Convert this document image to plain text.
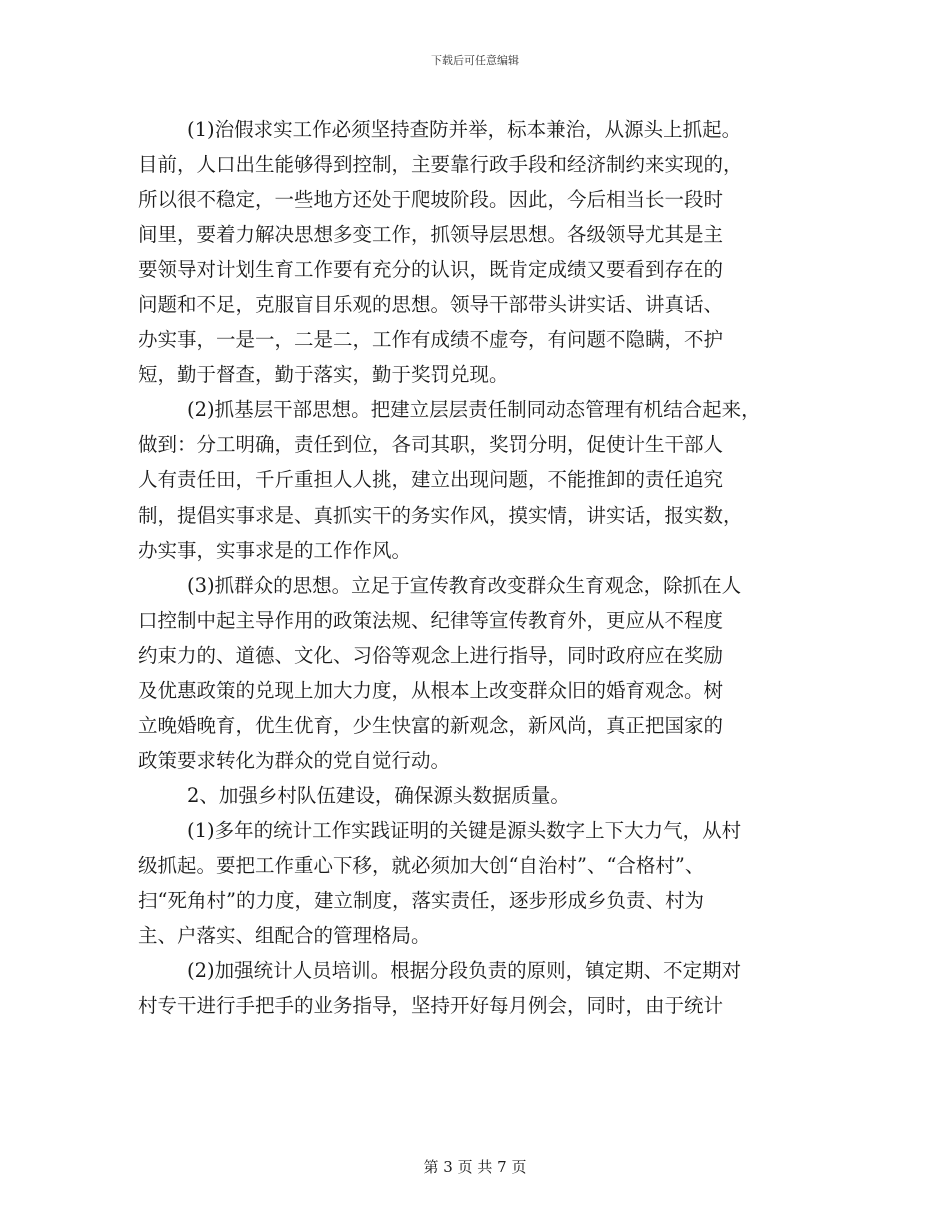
下载后可任意编辑
(1)治假求实工作必须坚持查防并举，标本兼治，从源头上抓起。
目前，人口出生能够得到控制，主要靠行政手段和经济制约来实现的，
所以很不稳定，一些地方还处于爬坡阶段。因此，今后相当长一段时
间里，要着力解决思想多变工作，抓领导层思想。各级领导尤其是主
要领导对计划生育工作要有充分的认识，既肯定成绩又要看到存在的
问题和不足，克服盲目乐观的思想。领导干部带头讲实话、讲真话、
办实事，一是一，二是二，工作有成绩不虚夸，有问题不隐瞒，不护
短，勤于督查，勤于落实，勤于奖罚兑现。
(2)抓基层干部思想。把建立层层责任制同动态管理有机结合起来，
做到：分工明确，责任到位，各司其职，奖罚分明，促使计生干部人
人有责任田，千斤重担人人挑，建立出现问题，不能推卸的责任追究
制，提倡实事求是、真抓实干的务实作风，摸实情，讲实话，报实数，
办实事，实事求是的工作作风。
(3)抓群众的思想。立足于宣传教育改变群众生育观念，除抓在人
口控制中起主导作用的政策法规、纪律等宣传教育外，更应从不程度
约束力的、道德、文化、习俗等观念上进行指导，同时政府应在奖励
及优惠政策的兑现上加大力度，从根本上改变群众旧的婚育观念。树
立晚婚晚育，优生优育，少生快富的新观念，新风尚，真正把国家的
政策要求转化为群众的党自觉行动。
2、加强乡村队伍建设，确保源头数据质量。
(1)多年的统计工作实践证明的关键是源头数字上下大力气，从村
级抓起。要把工作重心下移，就必须加大创“自治村”、“合格村”、
扫“死角村”的力度，建立制度，落实责任，逐步形成乡负责、村为
主、户落实、组配合的管理格局。
(2)加强统计人员培训。根据分段负责的原则，镇定期、不定期对
村专干进行手把手的业务指导，坚持开好每月例会，同时，由于统计
第 3 页 共 7 页
